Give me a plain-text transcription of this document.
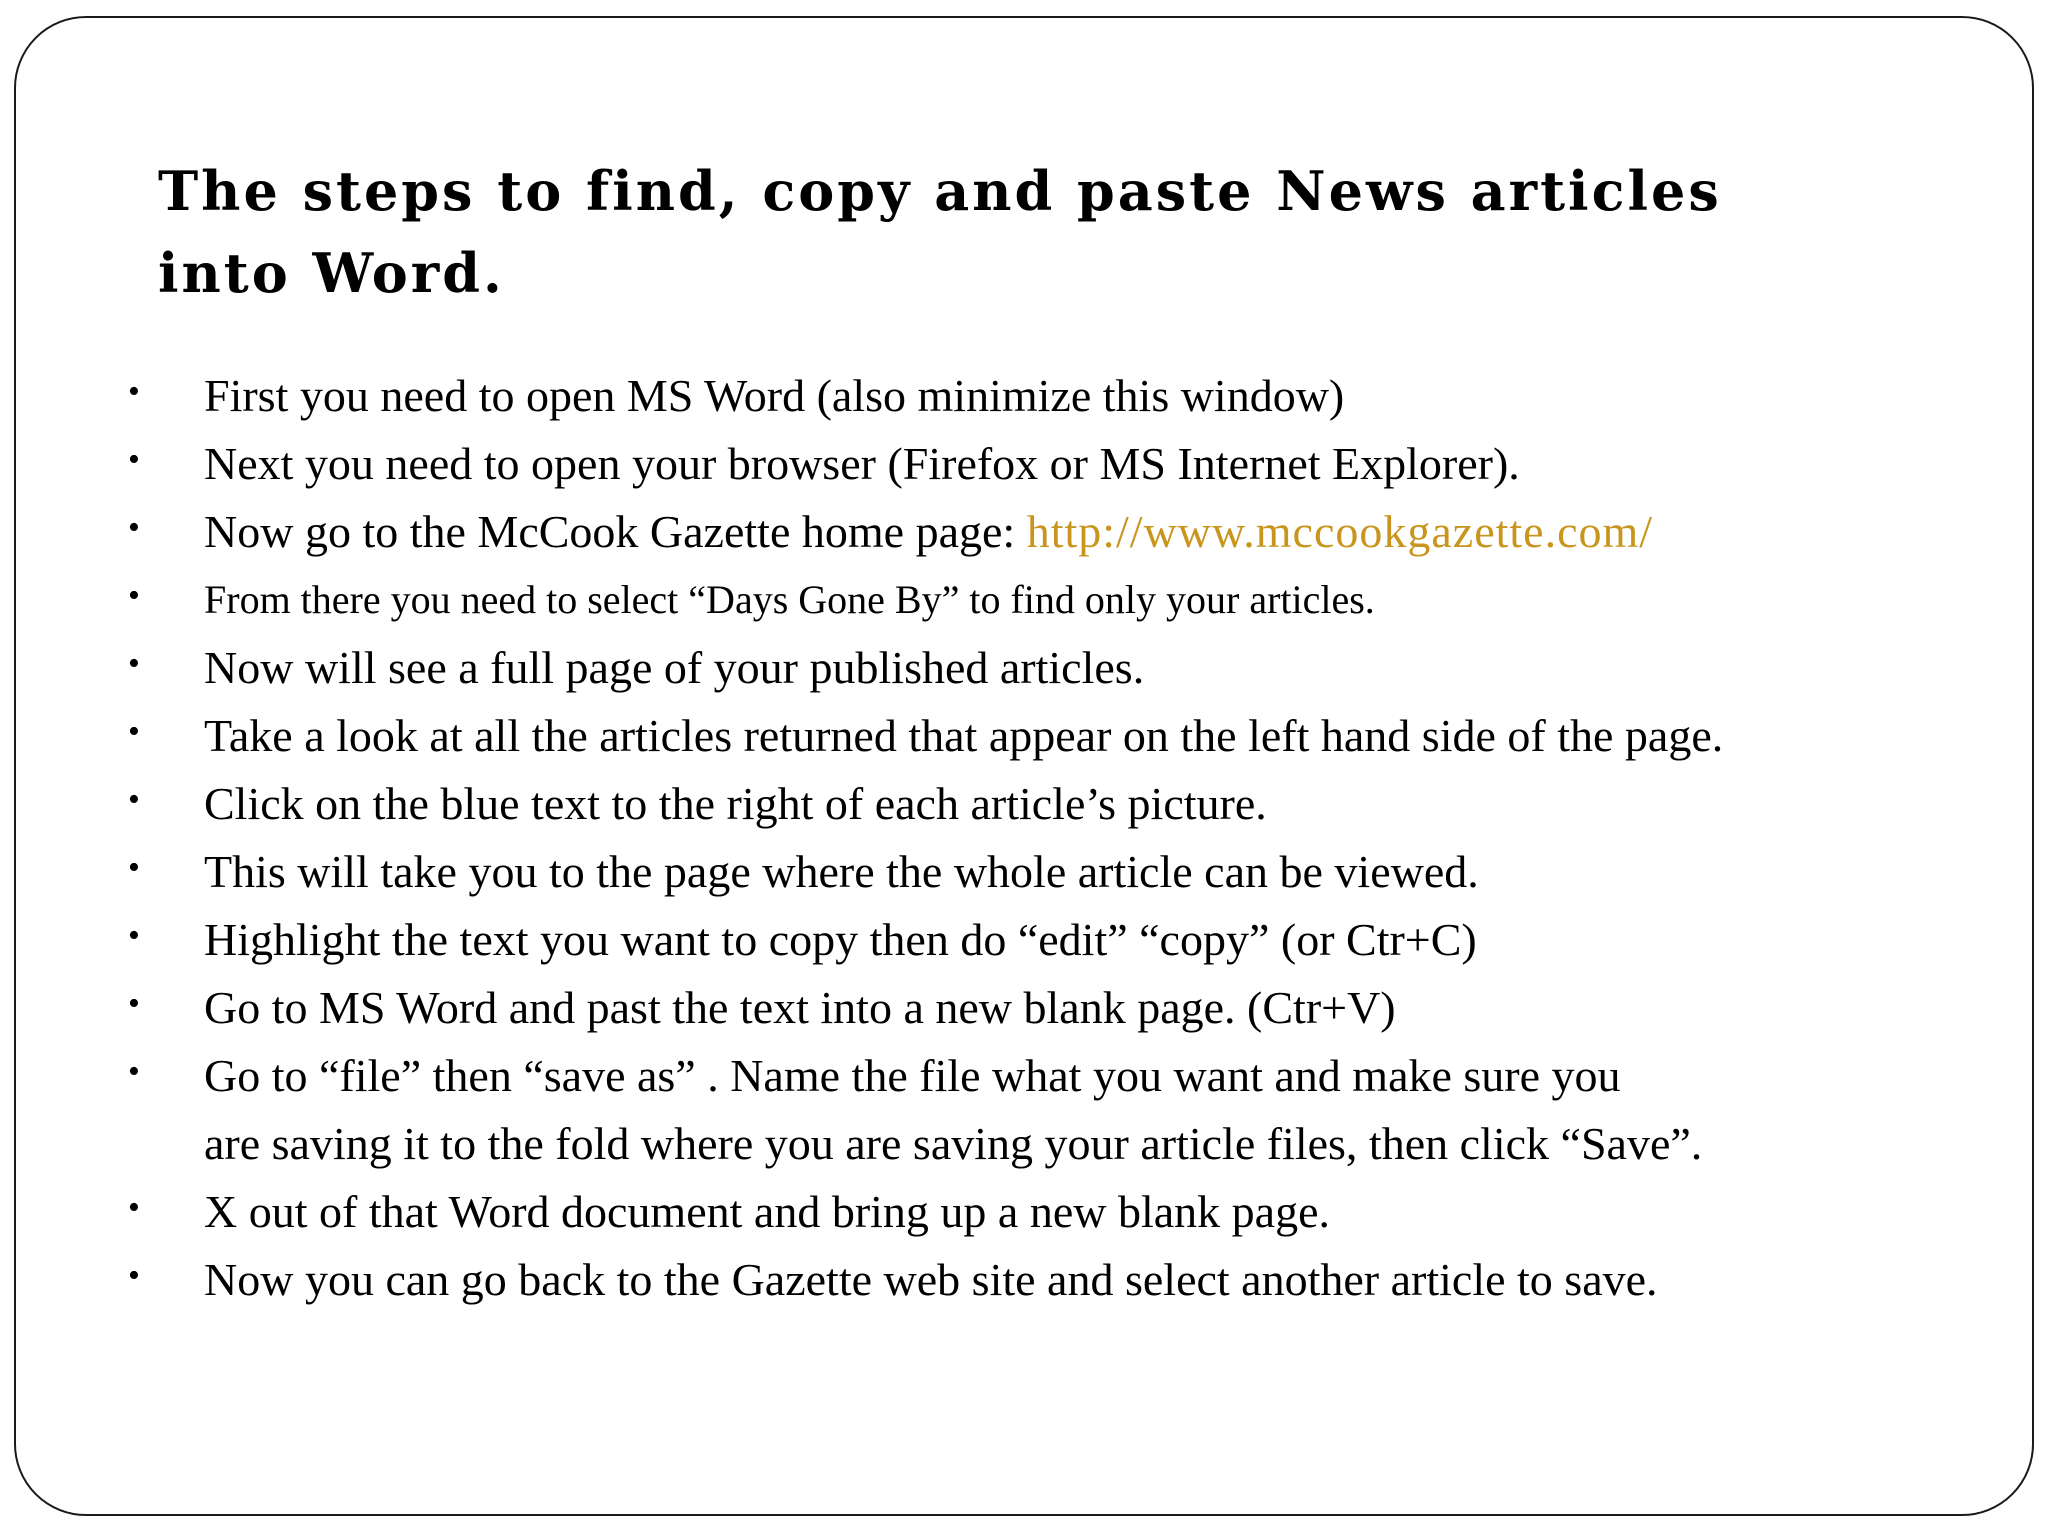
The steps to find, copy and paste News articles into Word.
• First you need to open MS Word (also minimize this window)
• Next you need to open your browser (Firefox or MS Internet Explorer).
• Now go to the McCook Gazette home page: http://www.mccookgazette.com/
• From there you need to select “Days Gone By” to find only your articles.
• Now will see a full page of your published articles.
• Take a look at all the articles returned that appear on the left hand side of the page.
• Click on the blue text to the right of each article’s picture.
• This will take you to the page where the whole article can be viewed.
• Highlight the text you want to copy then do “edit” “copy” (or Ctr+C)
• Go to MS Word and past the text into a new blank page. (Ctr+V)
• Go to “file” then “save as” . Name the file what you want and make sure you
are saving it to the fold where you are saving your article files, then click “Save”.
• X out of that Word document and bring up a new blank page.
• Now you can go back to the Gazette web site and select another article to save.
